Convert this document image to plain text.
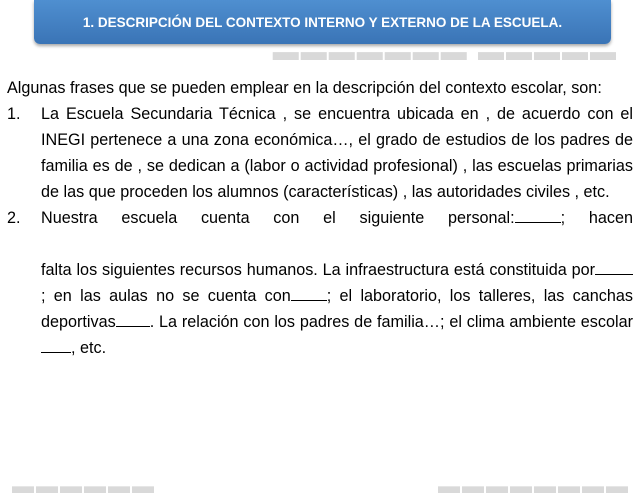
1. DESCRIPCIÓN DEL CONTEXTO INTERNO Y EXTERNO DE LA ESCUELA.
▬▬▬▬▬▬▬ ▬▬▬▬▬
▬▬▬▬▬▬	▬▬▬▬▬▬▬▬

Algunas frases que se pueden emplear en la descripción del contexto escolar, son:

1.	La Escuela Secundaria Técnica , se encuentra ubicada en , de acuerdo con el INEGI pertenece a una zona económica…, el grado de estudios de los padres de familia es de , se dedican a (labor o actividad profesional) , las escuelas primarias de las que proceden los alumnos (características) , las autoridades civiles , etc.
2.	Nuestra escuela cuenta con el siguiente personal:	; hacen
falta los siguientes recursos humanos. La infraestructura está constituida por; en las aulas no se cuenta con ; el laboratorio, los talleres, las canchas deportivas . La relación con los padres de familia…; el clima ambiente escolar, etc.
